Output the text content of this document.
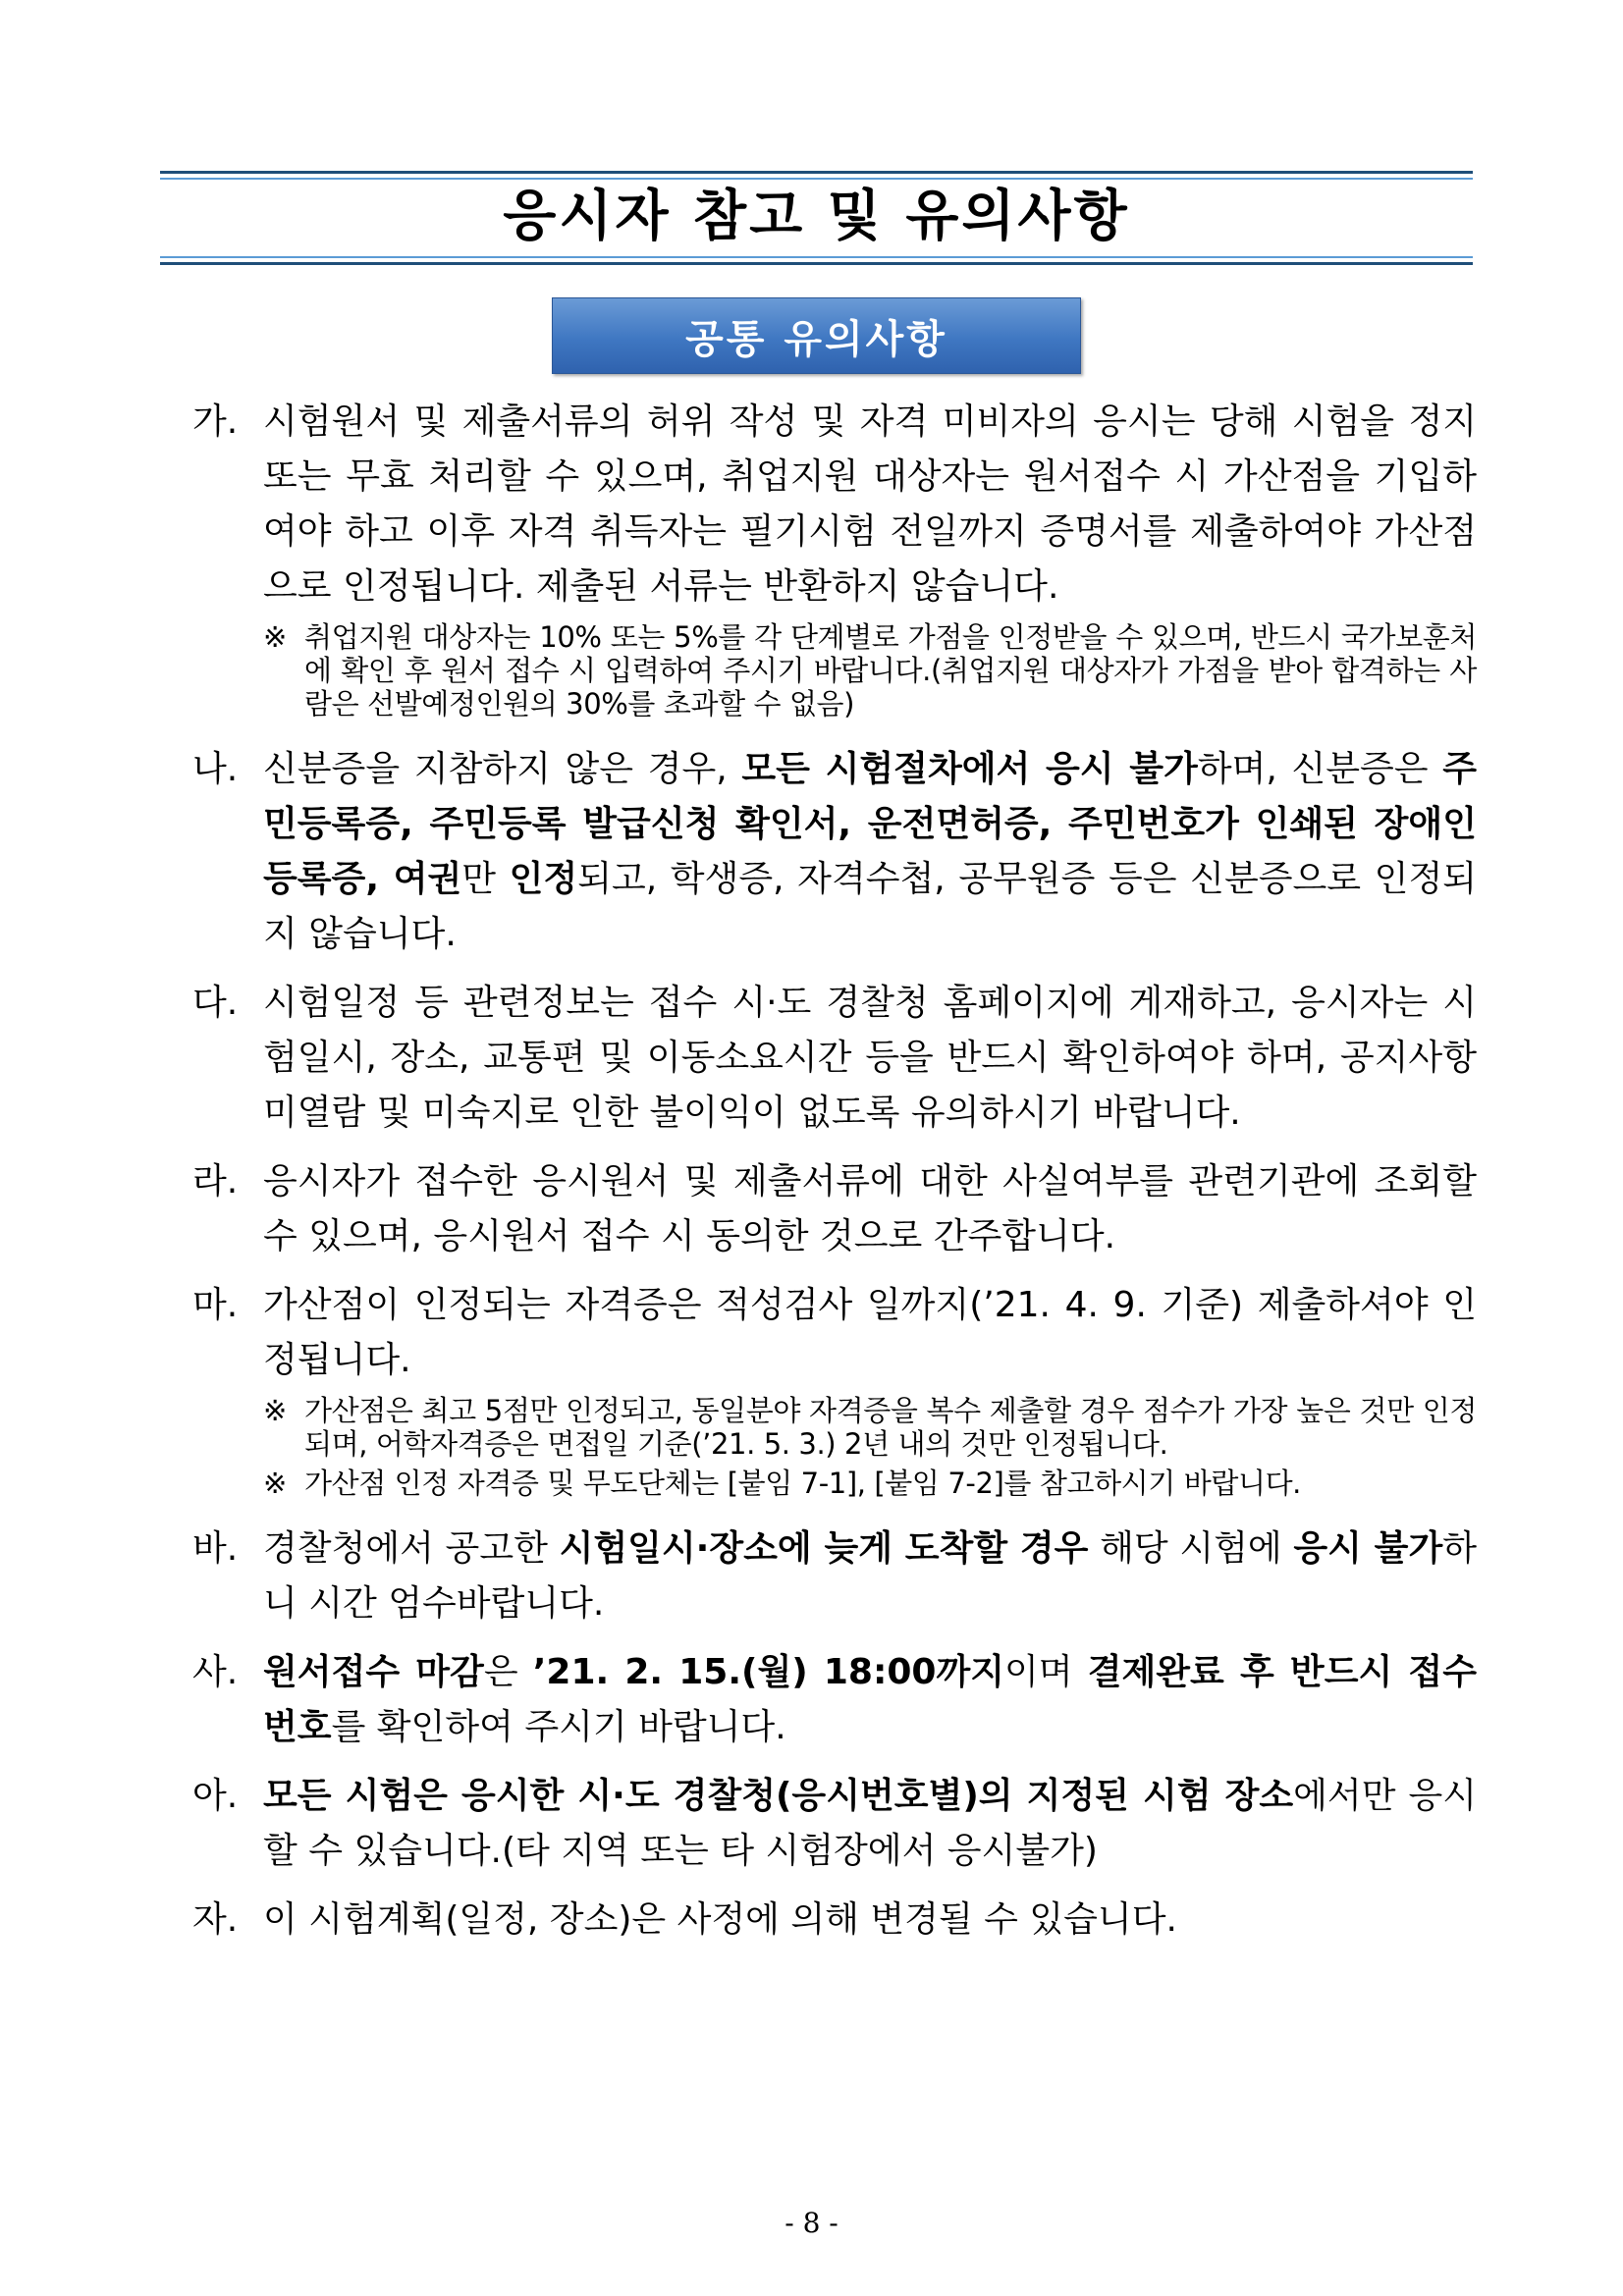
응시자 참고 및 유의사항
공통 유의사항
가. 시험원서 및 제출서류의 허위 작성 및 자격 미비자의 응시는 당해 시험을 정지 또는 무효 처리할 수 있으며, 취업지원 대상자는 원서접수 시 가산점을 기입하여야 하고 이후 자격 취득자는 필기시험 전일까지 증명서를 제출하여야 가산점으로 인정됩니다. 제출된 서류는 반환하지 않습니다.
※ 취업지원 대상자는 10% 또는 5%를 각 단계별로 가점을 인정받을 수 있으며, 반드시 국가보훈처에 확인 후 원서 접수 시 입력하여 주시기 바랍니다.(취업지원 대상자가 가점을 받아 합격하는 사람은 선발예정인원의 30%를 초과할 수 없음)
나. 신분증을 지참하지 않은 경우, 모든 시험절차에서 응시 불가하며, 신분증은 주민등록증, 주민등록 발급신청 확인서, 운전면허증, 주민번호가 인쇄된 장애인 등록증, 여권만 인정되고, 학생증, 자격수첩, 공무원증 등은 신분증으로 인정되지 않습니다.
다. 시험일정 등 관련정보는 접수 시·도 경찰청 홈페이지에 게재하고, 응시자는 시험일시, 장소, 교통편 및 이동소요시간 등을 반드시 확인하여야 하며, 공지사항 미열람 및 미숙지로 인한 불이익이 없도록 유의하시기 바랍니다.
라. 응시자가 접수한 응시원서 및 제출서류에 대한 사실여부를 관련기관에 조회할 수 있으며, 응시원서 접수 시 동의한 것으로 간주합니다.
마. 가산점이 인정되는 자격증은 적성검사 일까지(’21. 4. 9. 기준) 제출하셔야 인정됩니다.
※ 가산점은 최고 5점만 인정되고, 동일분야 자격증을 복수 제출할 경우 점수가 가장 높은 것만 인정되며, 어학자격증은 면접일 기준(’21. 5. 3.) 2년 내의 것만 인정됩니다.
※ 가산점 인정 자격증 및 무도단체는 [붙임 7-1], [붙임 7-2]를 참고하시기 바랍니다.
바. 경찰청에서 공고한 시험일시·장소에 늦게 도착할 경우 해당 시험에 응시 불가하니 시간 엄수바랍니다.
사. 원서접수 마감은 ’21. 2. 15.(월) 18:00까지이며 결제완료 후 반드시 접수번호를 확인하여 주시기 바랍니다.
아. 모든 시험은 응시한 시·도 경찰청(응시번호별)의 지정된 시험 장소에서만 응시할 수 있습니다.(타 지역 또는 타 시험장에서 응시불가)
자. 이 시험계획(일정, 장소)은 사정에 의해 변경될 수 있습니다.
- 8 -
